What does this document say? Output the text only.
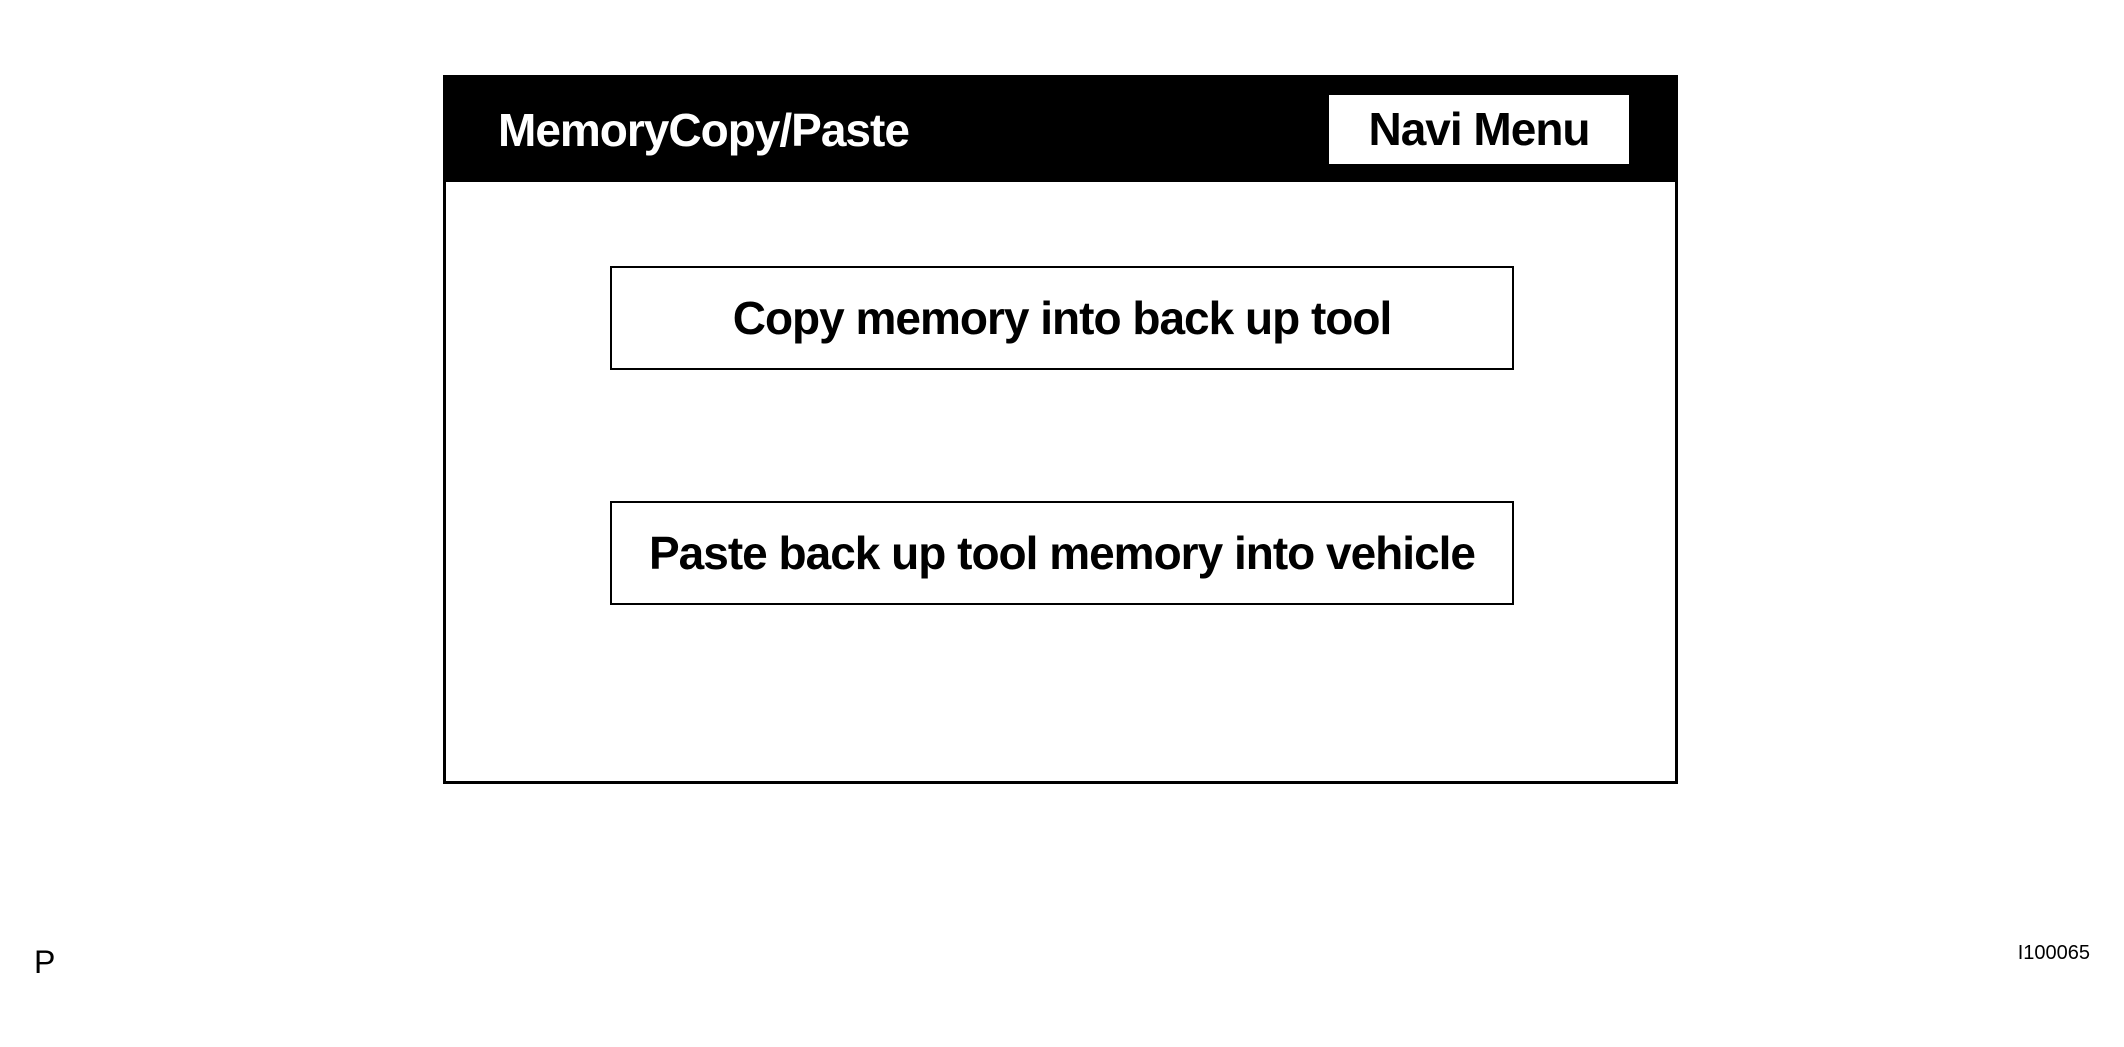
MemoryCopy/Paste	Navi Menu
Copy memory into back up tool
Paste back up tool memory into vehicle
P	I100065
